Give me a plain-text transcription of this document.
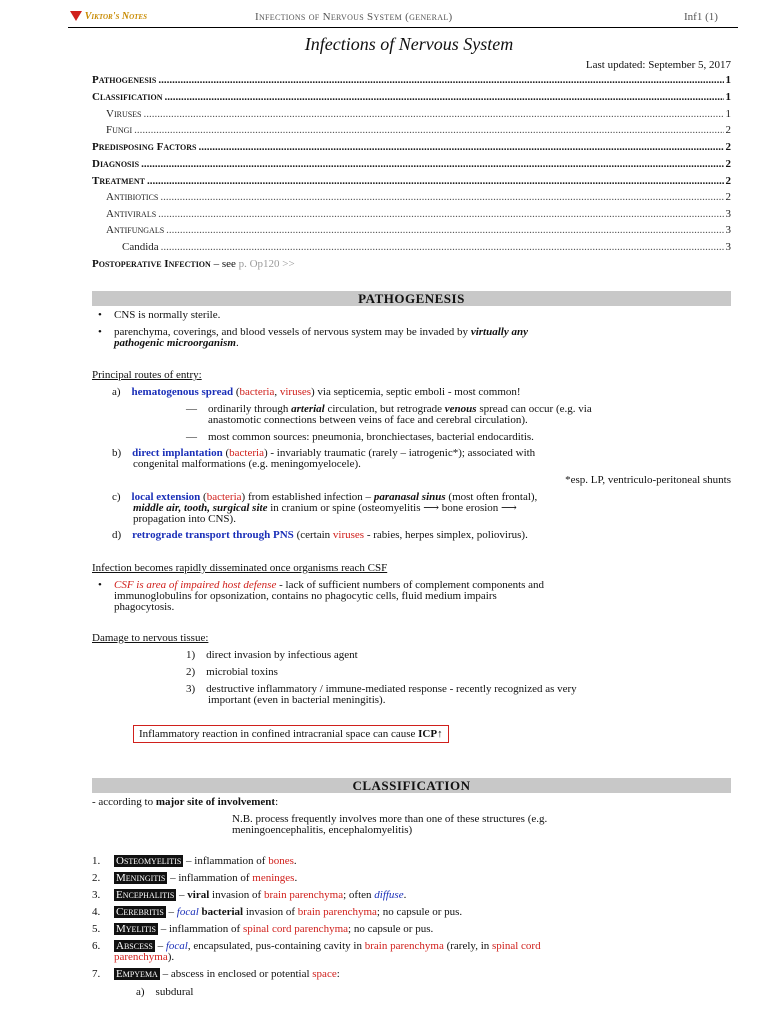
Viktor's Notes	Infections of Nervous System (general)	Inf1 (1)
Infections of Nervous System
Last updated: September 5, 2017
Pathogenesis .....	1
Classification .....	1
Viruses .....	1
Fungi .....	2
Predisposing Factors .....	2
Diagnosis .....	2
Treatment .....	2
Antibiotics .....	2
Antivirals .....	3
Antifungals .....	3
Candida .....	3
Postoperative Infection – see p. Op120 >>
PATHOGENESIS
• CNS is normally sterile.
• parenchyma, coverings, and blood vessels of nervous system may be invaded by virtually any
pathogenic microorganism.
Principal routes of entry:
a) hematogenous spread (bacteria, viruses) via septicemia, septic emboli - most common!
— ordinarily through arterial circulation, but retrograde venous spread can occur (e.g. via
anastomotic connections between veins of face and cerebral circulation).
— most common sources: pneumonia, bronchiectases, bacterial endocarditis.
b) direct implantation (bacteria) - invariably traumatic (rarely – iatrogenic*); associated with
congenital malformations (e.g. meningomyelocele).
*esp. LP, ventriculo-peritoneal shunts
c) local extension (bacteria) from established infection – paranasal sinus (most often frontal),
middle air, tooth, surgical site in cranium or spine (osteomyelitis ⟶ bone erosion ⟶
propagation into CNS).
d) retrograde transport through PNS (certain viruses - rabies, herpes simplex, poliovirus).
Infection becomes rapidly disseminated once organisms reach CSF
• CSF is area of impaired host defense - lack of sufficient numbers of complement components and
immunoglobulins for opsonization, contains no phagocytic cells, fluid medium impairs
phagocytosis.
Damage to nervous tissue:
1) direct invasion by infectious agent
2) microbial toxins
3) destructive inflammatory / immune-mediated response - recently recognized as very
important (even in bacterial meningitis).
Inflammatory reaction in confined intracranial space can cause ICP↑
CLASSIFICATION
- according to major site of involvement:
N.B. process frequently involves more than one of these structures (e.g.
meningoencephalitis, encephalomyelitis)
1. Osteomyelitis – inflammation of bones.
2. Meningitis – inflammation of meninges.
3. Encephalitis – viral invasion of brain parenchyma; often diffuse.
4. Cerebritis – focal bacterial invasion of brain parenchyma; no capsule or pus.
5. Myelitis – inflammation of spinal cord parenchyma; no capsule or pus.
6. Abscess – focal, encapsulated, pus-containing cavity in brain parenchyma (rarely, in spinal cord
parenchyma).
7. Empyema – abscess in enclosed or potential space:
a) subdural
